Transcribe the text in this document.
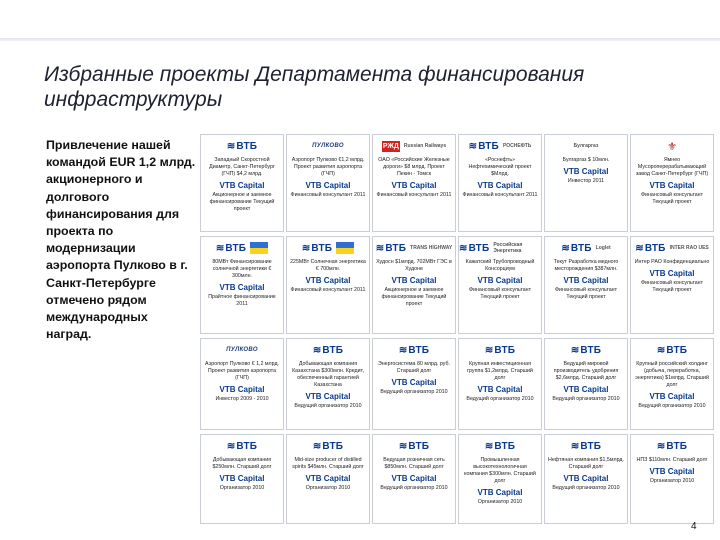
Избранные проекты Департамента финансирования инфраструктуры

Привлечение нашей командой EUR 1,2 млрд. акционерного и долгового финансирования для проекта по модернизации аэропорта Пулково в г. Санкт-Петербурге отмечено рядом международных наград.

≋ ВТБ
Западный Скоростной Диаметр, Санкт-Петербург (ГЧП) $4,2 млрд.
VTB Capital
Акционерное и заемное финансирование Текущий проект
ПУЛКОВО
Аэропорт Пулково €1,2 млрд. Проект развития аэропорта (ГЧП)
VTB Capital
Финансовый консультант 2011
РЖД Russian Railways
ОАО «Российские Железные дороги» $8 млрд. Проект Пекин - Томск
VTB Capital
Финансовый консультант 2011
≋ ВТБ РОСНЕФТЬ
«Роснефть» Нефтехимический проект $Млрд.
VTB Capital
Финансовый консультант 2011
Булгаргаз
Булгаргаз $ 10млн.
VTB Capital
Инвестор 2011
⚜
Ямнео Мусороперерабатывающий завод Санкт-Петербург (ГЧП)
VTB Capital
Финансовый консультант Текущий проект
≋ ВТБ
80МВт Финансирование солнечной энергетики € 300млн.
VTB Capital
Прайтное финансирование 2011
≋ ВТБ
225МВт Солнечная энергетика € 700млн.
VTB Capital
Финансовый консультант 2011
≋ ВТБ TRANS HIGHWAY
Худосн $1млрд. 702МВт ГЭС в Худоне
VTB Capital
Акционерное и заемное финансирование Текущий проект
≋ ВТБ Российская Энергетика
Кажатский Трубопроводный Консорциум
VTB Capital
Финансовый консультант Текущий проект
≋ ВТБ Loglet
Текут Разработка медного месторождения $387млн.
VTB Capital
Финансовый консультант Текущий проект
≋ ВТБ INTER RAO UES
Интер РАО Конфиденциально
VTB Capital
Финансовый консультант Текущий проект
ПУЛКОВО
Аэропорт Пулково € 1,2 млрд. Проект развития аэропорта (ГЧП)
VTB Capital
Инвестор 2009 - 2010
≋ ВТБ
Добывающая компания Казахстана $300млн. Кредит, обеспеченный гарантией Казахстанa
VTB Capital
Ведущий организатор 2010
≋ ВТБ
Энергосистема 80 млрд. руб. Старший долг
VTB Capital
Ведущий организатор 2010
≋ ВТБ
Крупная инвестиционная группа $1,2млрд. Старший долг
VTB Capital
Ведущий организатор 2010
≋ ВТБ
Ведущий мировой производитель удобрения $2,6млрд. Старший долг
VTB Capital
Ведущий организатор 2010
≋ ВТБ
Крупный российский холдинг (добыча, переработка, энергетика) $1млрд. Старший долг
VTB Capital
Ведущий организатор 2010
≋ ВТБ
Добывающая компания $250млн. Старший долг
VTB Capital
Организатор 2010
≋ ВТБ
Mid-size producer of distilled spirits $45млн. Старший долг
VTB Capital
Организатор 2010
≋ ВТБ
Ведущая розничная сеть $850млн. Старший долг
VTB Capital
Ведущий организатор 2010
≋ ВТБ
Промышленная высокотехнологичная компания $300млн. Старший долг
VTB Capital
Организатор 2010
≋ ВТБ
Нефтяная компания $1,5млрд. Старший долг
VTB Capital
Ведущий организатор 2010
≋ ВТБ
НПЗ $110млн. Старший долг
VTB Capital
Организатор 2010

4
